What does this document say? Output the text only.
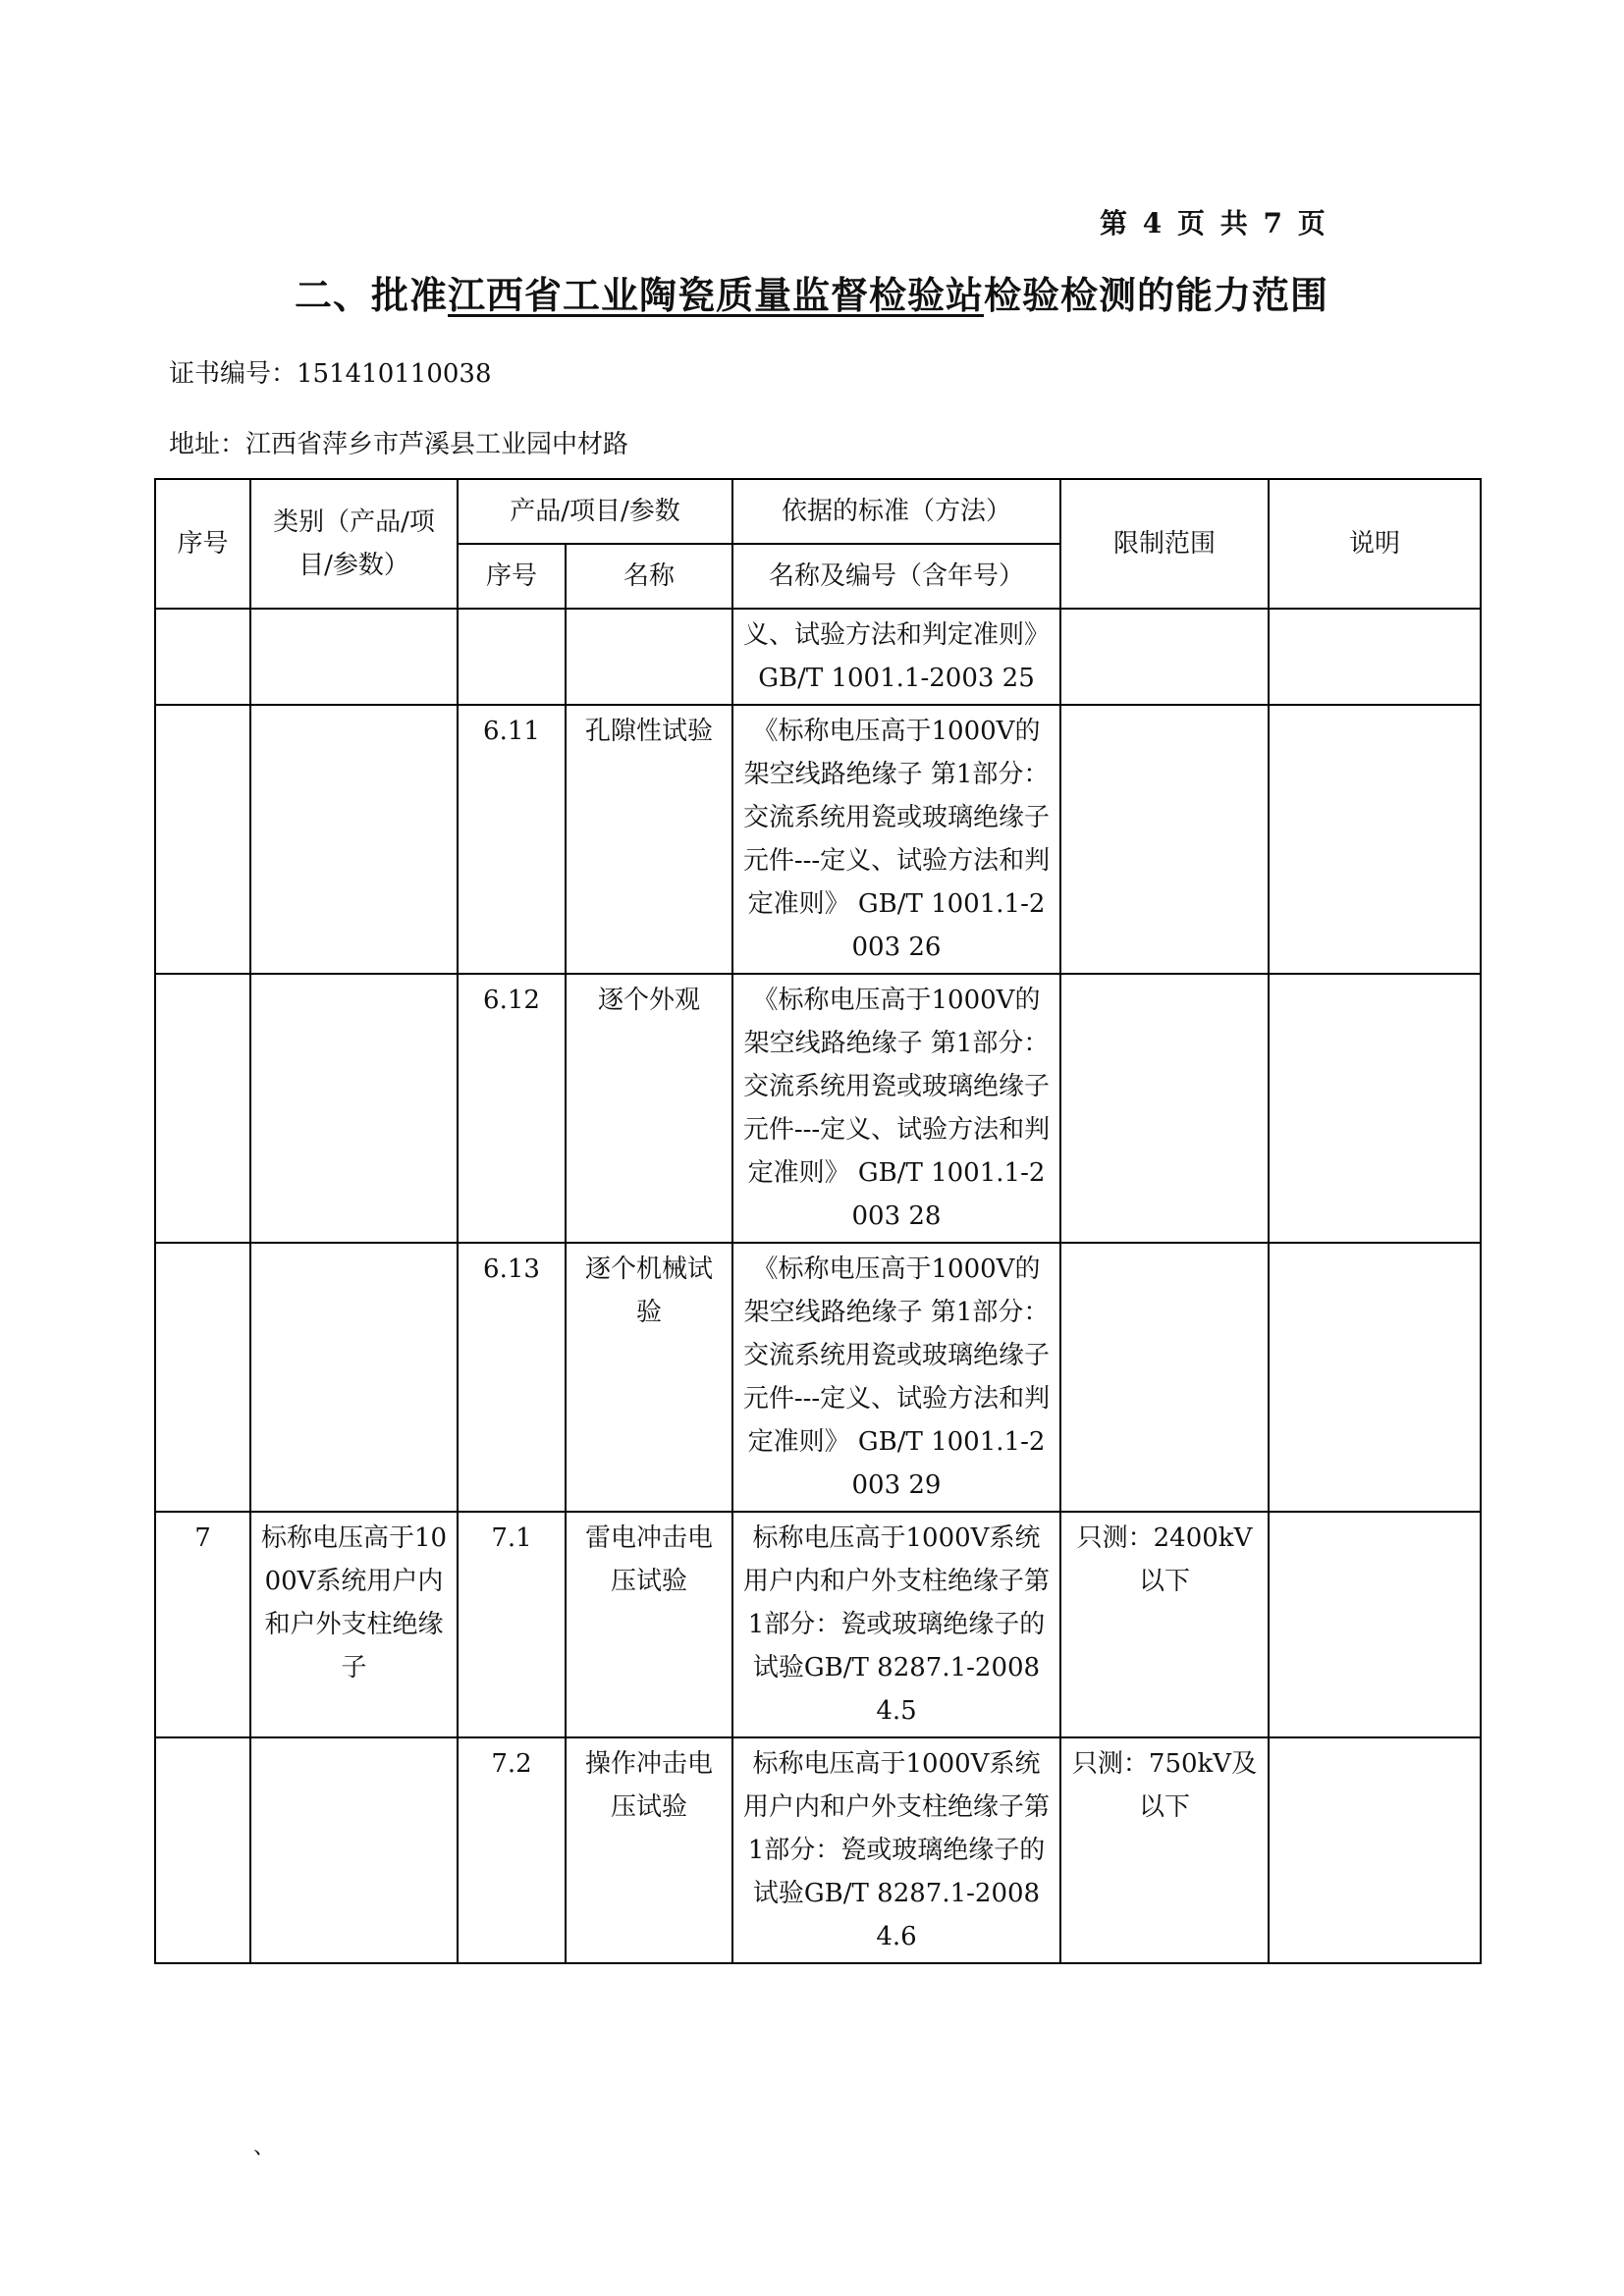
第 4 页 共 7 页
二、批准江西省工业陶瓷质量监督检验站检验检测的能力范围
证书编号：151410110038
地址：江西省萍乡市芦溪县工业园中材路
序号	类别（产品/项目/参数）	产品/项目/参数		依据的标准（方法）	限制范围	说明
		序号	名称	名称及编号（含年号）		
				义、试验方法和判定准则》 GB/T 1001.1-2003 25		
		6.11	孔隙性试验	《标称电压高于1000V的架空线路绝缘子 第1部分：交流系统用瓷或玻璃绝缘子元件---定义、试验方法和判定准则》 GB/T 1001.1-2003 26		
		6.12	逐个外观	《标称电压高于1000V的架空线路绝缘子 第1部分：交流系统用瓷或玻璃绝缘子元件---定义、试验方法和判定准则》 GB/T 1001.1-2003 28		
		6.13	逐个机械试验	《标称电压高于1000V的架空线路绝缘子 第1部分：交流系统用瓷或玻璃绝缘子元件---定义、试验方法和判定准则》 GB/T 1001.1-2003 29		
7	标称电压高于1000V系统用户内和户外支柱绝缘子	7.1	雷电冲击电压试验	标称电压高于1000V系统用户内和户外支柱绝缘子第1部分：瓷或玻璃绝缘子的试验GB/T 8287.1-2008 4.5	只测：2400kV以下	
		7.2	操作冲击电压试验	标称电压高于1000V系统用户内和户外支柱绝缘子第1部分：瓷或玻璃绝缘子的试验GB/T 8287.1-2008 4.6	只测：750kV及以下	
、
